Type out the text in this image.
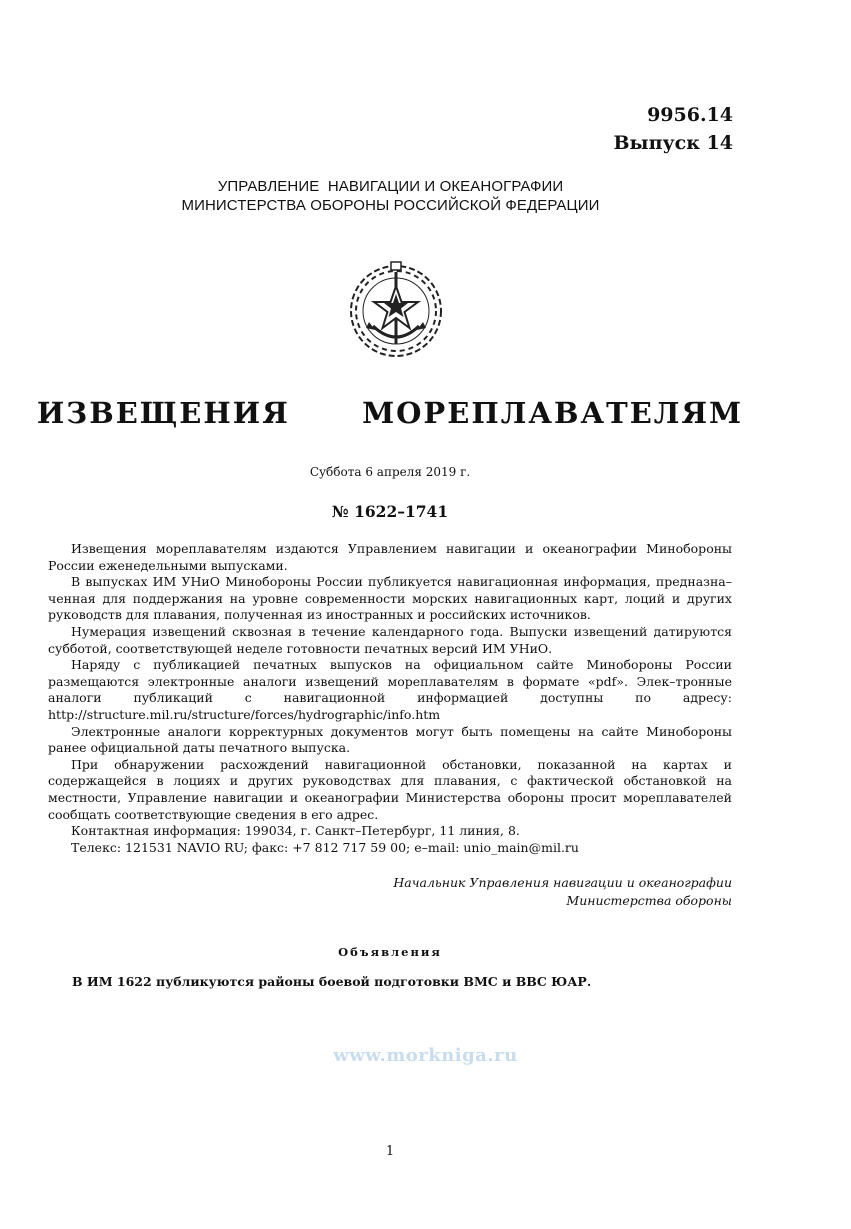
9956.14
Выпуск 14
УПРАВЛЕНИЕ  НАВИГАЦИИ И ОКЕАНОГРАФИИ
МИНИСТЕРСТВА ОБОРОНЫ РОССИЙСКОЙ ФЕДЕРАЦИИ
ИЗВЕЩЕНИЯ   МОРЕПЛАВАТЕЛЯМ
Суббота 6 апреля 2019 г.
№ 1622–1741

Извещения мореплавателям издаются Управлением навигации и океанографии Минобороны России еженедельными выпусками.

В выпусках ИМ УНиО Минобороны России публикуется навигационная информация, предназна–ченная для поддержания на уровне современности морских навигационных карт, лоций и других руководств для плавания, полученная из иностранных и российских источников.

Нумерация извещений сквозная в течение календарного года. Выпуски извещений датируются субботой, соответствующей неделе готовности печатных версий ИМ УНиО.

Наряду с публикацией печатных выпусков на официальном сайте Минобороны России размещаются электронные аналоги извещений мореплавателям в формате «pdf». Элек–тронные аналоги публикаций с навигационной информацией доступны по адресу: http://structure.mil.ru/structure/forces/hydrographic/info.htm

Электронные аналоги корректурных документов могут быть помещены на сайте Минобороны ранее официальной даты печатного выпуска.

При обнаружении расхождений навигационной обстановки, показанной на картах и содержащейся в лоциях и других руководствах для плавания, с фактической обстановкой на местности, Управление навигации и океанографии Министерства обороны просит мореплавателей сообщать соответствующие сведения в его адрес.

Контактная информация: 199034, г. Санкт–Петербург, 11 линия, 8.

Телекс: 121531 NAVIO RU; факс: +7 812 717 59 00; e–mail: unio_main@mil.ru

Начальник Управления навигации и океанографии
Министерства обороны
Объявления
В ИМ 1622 публикуются районы боевой подготовки ВМС и ВВС ЮАР.
www.morkniga.ru
1
